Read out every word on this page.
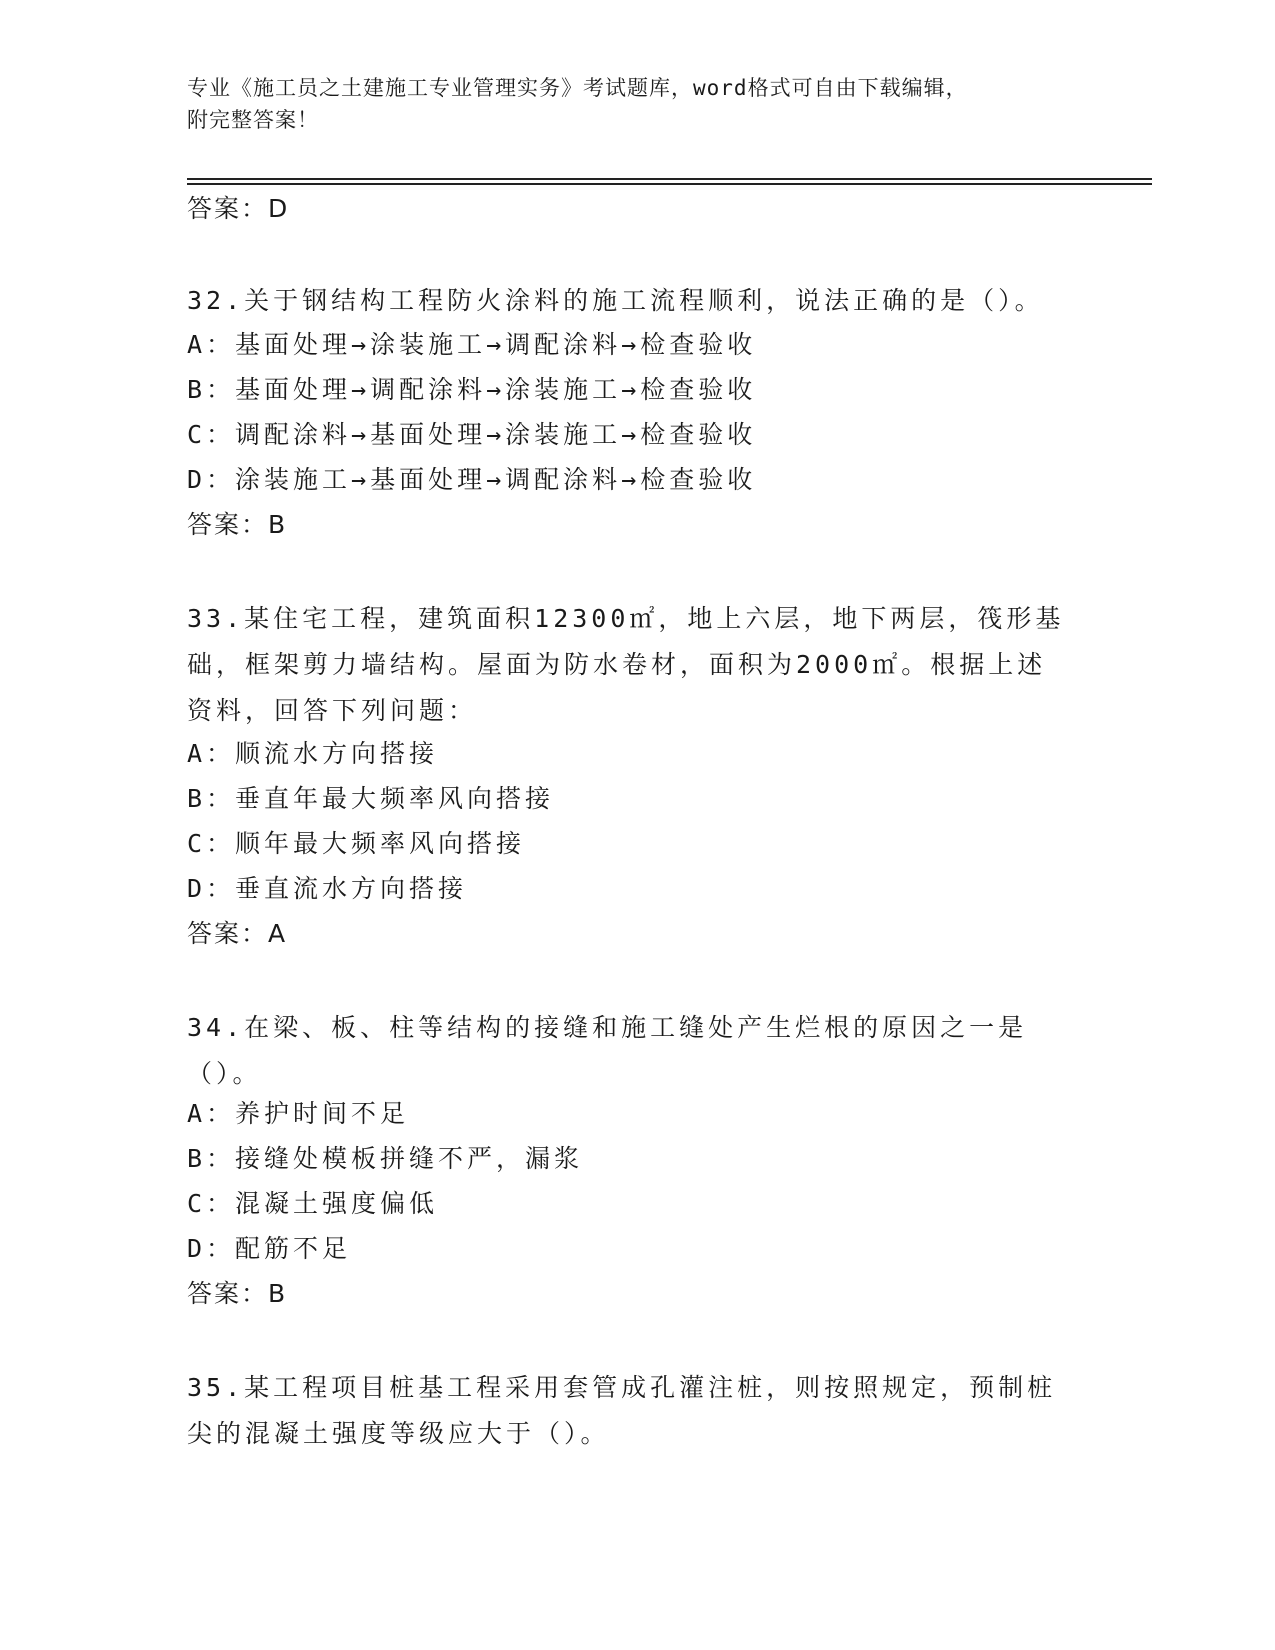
专业《施工员之土建施工专业管理实务》考试题库，word格式可自由下载编辑，
附完整答案！
答案：D
32.关于钢结构工程防火涂料的施工流程顺利，说法正确的是（）。
A：基面处理→涂装施工→调配涂料→检查验收
B：基面处理→调配涂料→涂装施工→检查验收
C：调配涂料→基面处理→涂装施工→检查验收
D：涂装施工→基面处理→调配涂料→检查验收
答案：B
33.某住宅工程，建筑面积12300㎡，地上六层，地下两层，筏形基础，框架剪力墙结构。屋面为防水卷材，面积为2000㎡。根据上述资料，回答下列问题：
A：顺流水方向搭接
B：垂直年最大频率风向搭接
C：顺年最大频率风向搭接
D：垂直流水方向搭接
答案：A
34.在梁、板、柱等结构的接缝和施工缝处产生烂根的原因之一是（）。
A：养护时间不足
B：接缝处模板拼缝不严，漏浆
C：混凝土强度偏低
D：配筋不足
答案：B
35.某工程项目桩基工程采用套管成孔灌注桩，则按照规定，预制桩尖的混凝土强度等级应大于（）。
